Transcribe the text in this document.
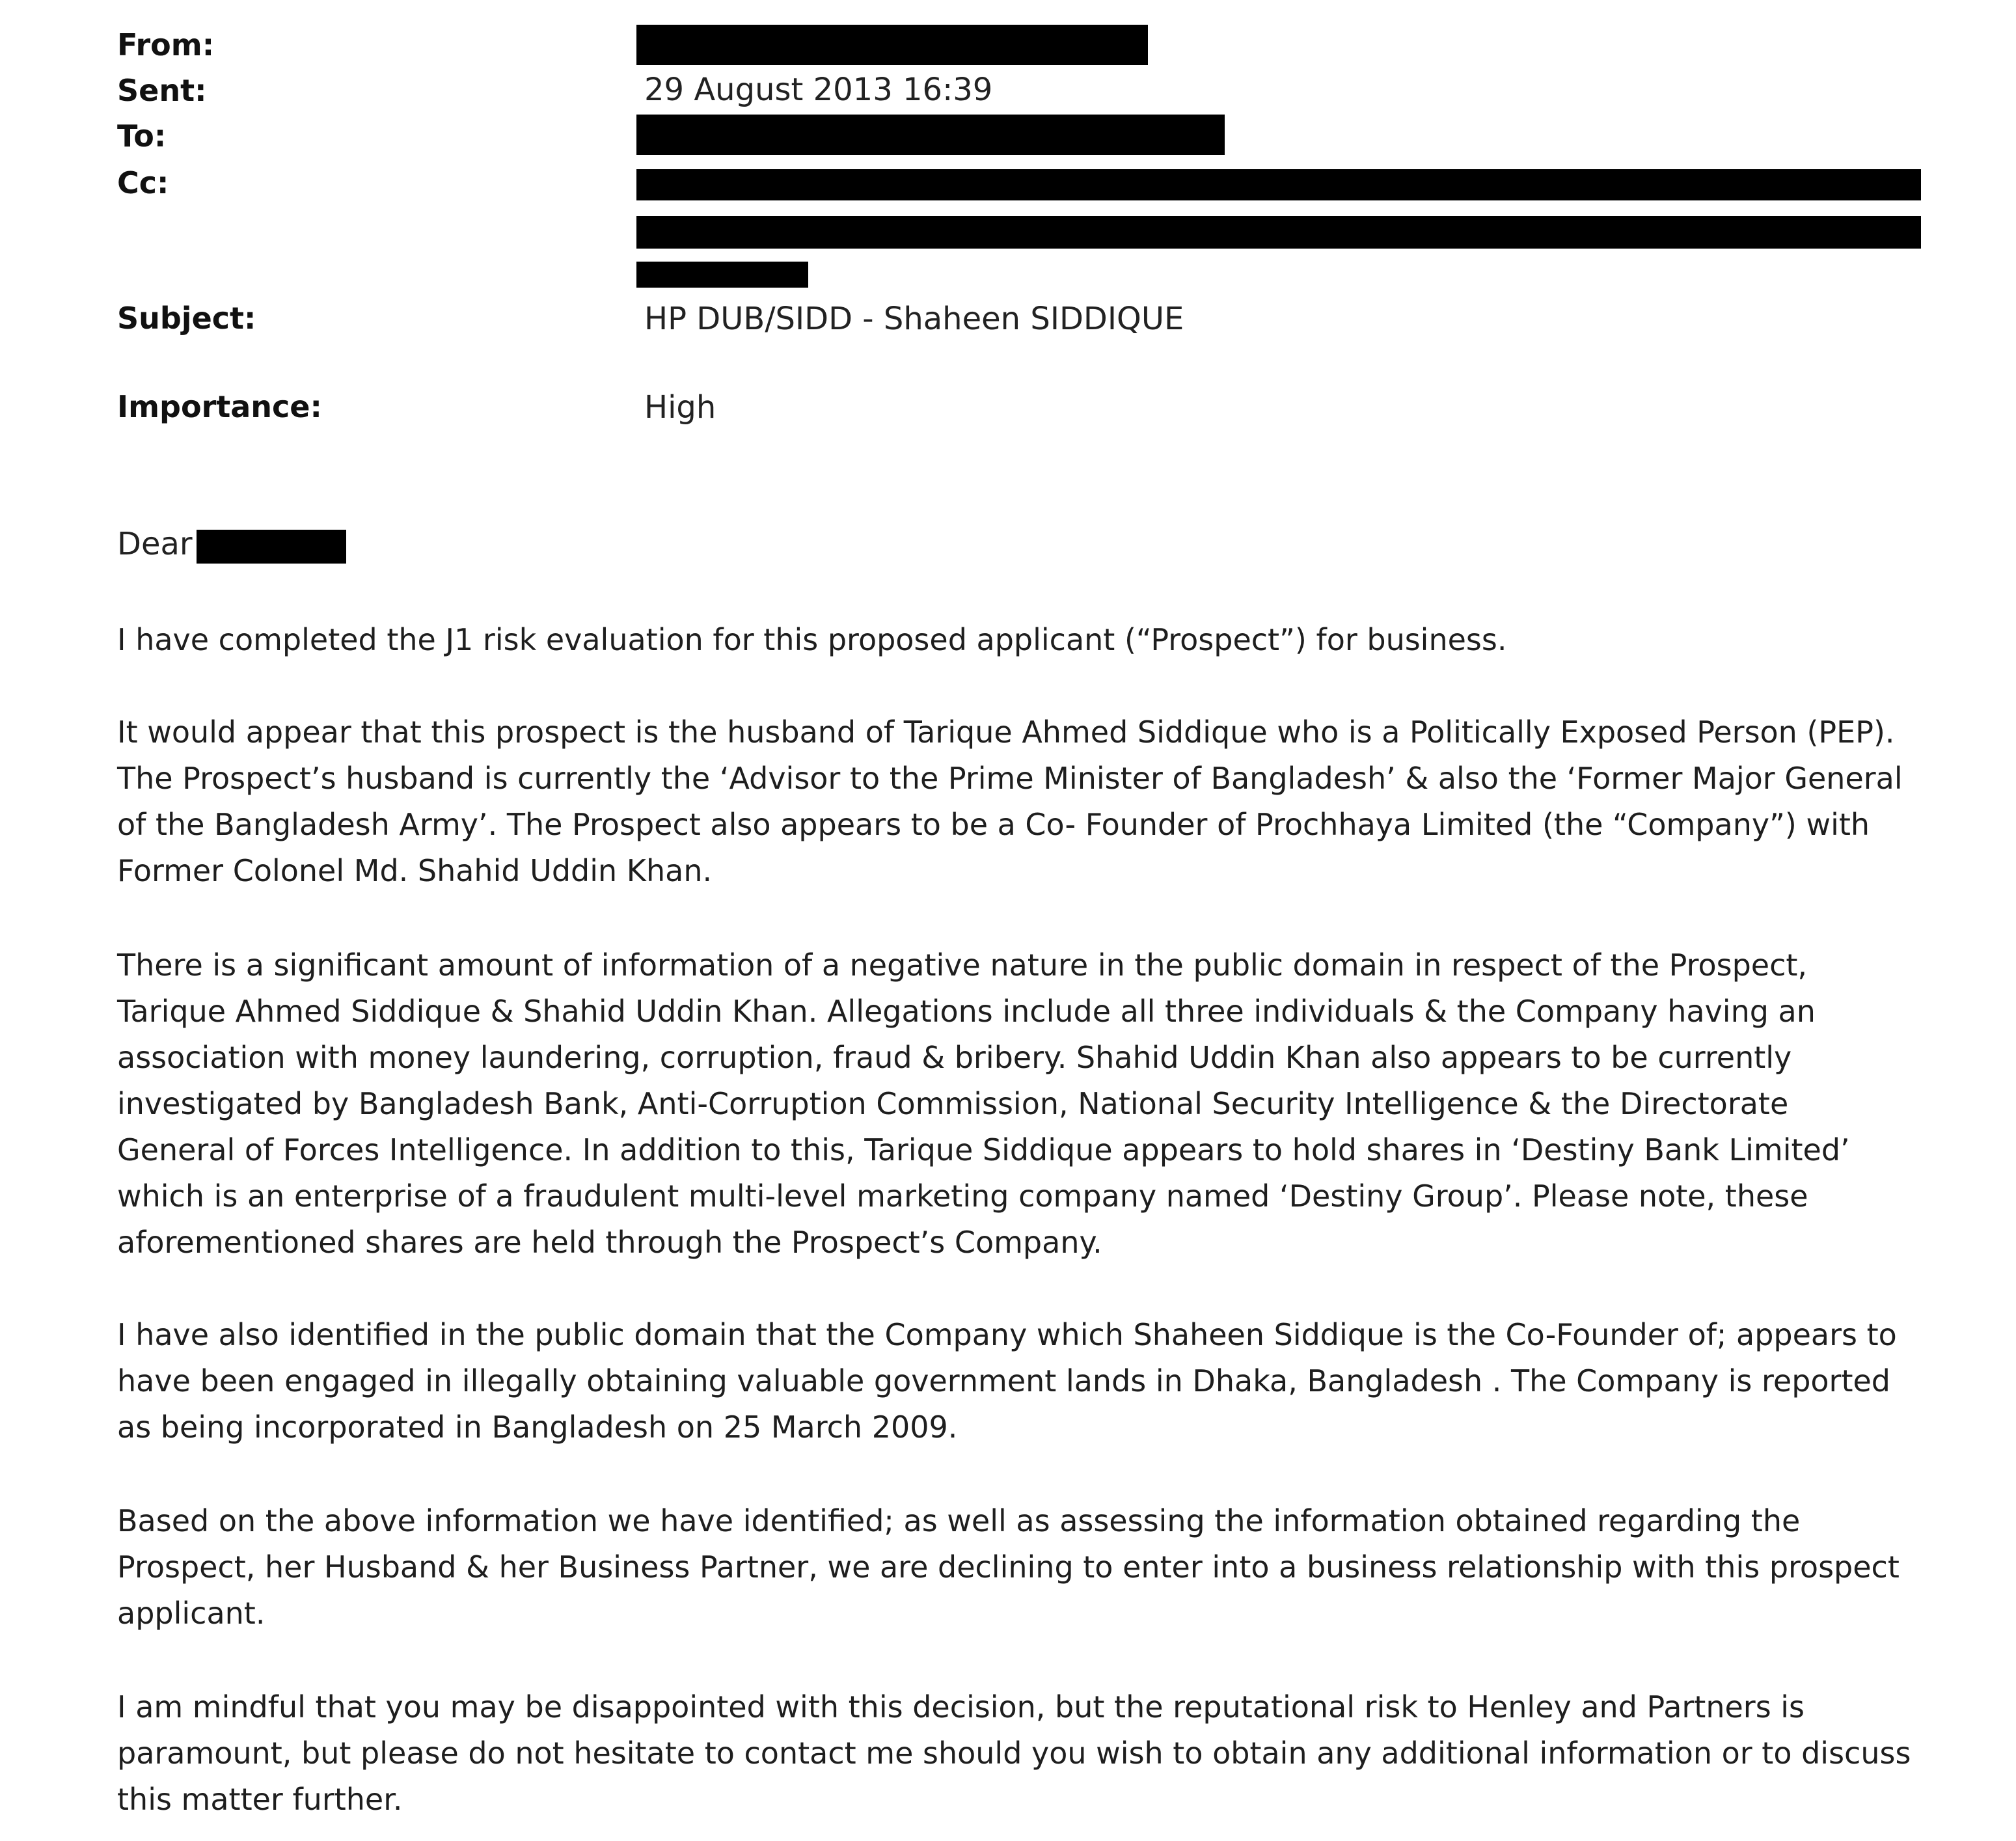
From:
Sent:
To:
Cc:
Subject:
Importance:
29 August 2013 16:39
HP DUB/SIDD - Shaheen SIDDIQUE
High
Dear
I have completed the J1 risk evaluation for this proposed applicant (“Prospect”) for business.
It would appear that this prospect is the husband of Tarique Ahmed Siddique who is a Politically Exposed Person (PEP). The Prospect’s husband is currently the ‘Advisor to the Prime Minister of Bangladesh’ & also the ‘Former Major General of the Bangladesh Army’. The Prospect also appears to be a Co- Founder of Prochhaya Limited (the “Company”) with Former Colonel Md. Shahid Uddin Khan.
There is a significant amount of information of a negative nature in the public domain in respect of the Prospect, Tarique Ahmed Siddique & Shahid Uddin Khan. Allegations include all three individuals & the Company having an association with money laundering, corruption, fraud & bribery. Shahid Uddin Khan also appears to be currently investigated by Bangladesh Bank, Anti-Corruption Commission, National Security Intelligence & the Directorate General of Forces Intelligence. In addition to this, Tarique Siddique appears to hold shares in ‘Destiny Bank Limited’ which is an enterprise of a fraudulent multi-level marketing company named ‘Destiny Group’. Please note, these aforementioned shares are held through the Prospect’s Company.
I have also identified in the public domain that the Company which Shaheen Siddique is the Co-Founder of; appears to have been engaged in illegally obtaining valuable government lands in Dhaka, Bangladesh . The Company is reported as being incorporated in Bangladesh on 25 March 2009.
Based on the above information we have identified; as well as assessing the information obtained regarding the Prospect, her Husband & her Business Partner, we are declining to enter into a business relationship with this prospect applicant.
I am mindful that you may be disappointed with this decision, but the reputational risk to Henley and Partners is paramount, but please do not hesitate to contact me should you wish to obtain any additional information or to discuss this matter further.
